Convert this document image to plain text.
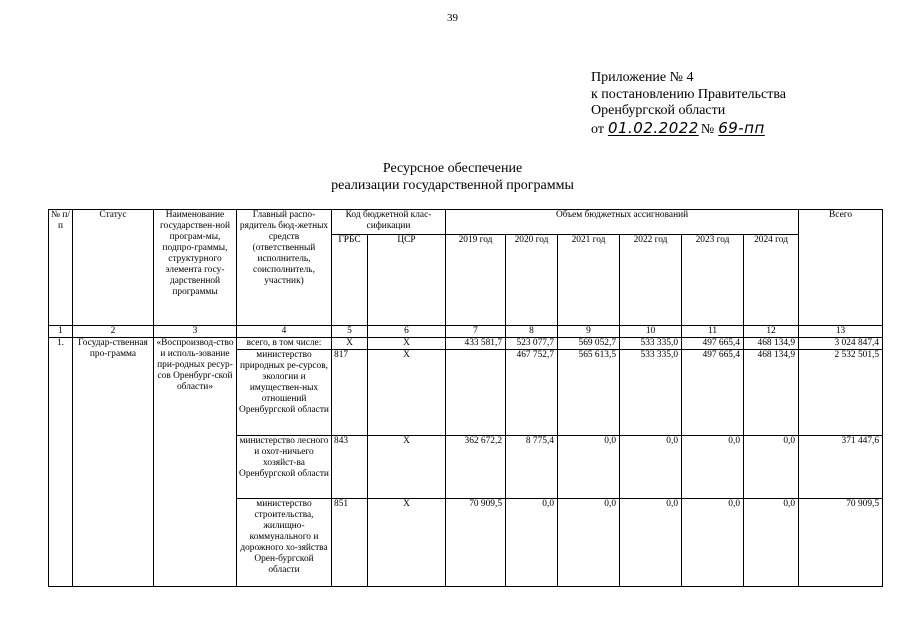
39
Приложение № 4
к постановлению Правительства
Оренбургской области
от 01.02.2022 № 69-пп
Ресурсное обеспечение
реализации государственной программы
№ п/п	Статус	Наименование государствен-ной програм-мы, подпро-граммы, структурного элемента госу-дарственной программы	Главный распо-рядитель бюд-жетных средств (ответственный исполнитель, соисполнитель, участник)	Код бюджетной клас-сификации		Объем бюджетных ассигнований						Всего
				ГРБС	ЦСР	2019 год	2020 год	2021 год	2022 год	2023 год	2024 год	
1	2	3	4	5	6	7	8	9	10	11	12	13
1.	Государ-ственная про-грамма	«Воспроизвод-ство и исполь-зование при-родных ресур-сов Оренбург-ской области»	всего, в том числе:	Х	Х	433 581,7	523 077,7	569 052,7	533 335,0	497 665,4	468 134,9	3 024 847,4
			министерство природных ре-сурсов, экологии и имуществен-ных отношений Оренбургской области	817	Х		467 752,7	565 613,5	533 335,0	497 665,4	468 134,9	2 532 501,5
			министерство лесного и охот-ничьего хозяйст-ва Оренбургской области	843	Х	362 672,2	8 775,4	0,0	0,0	0,0	0,0	371 447,6
			министерство строительства, жилищно-коммунального и дорожного хо-зяйства Орен-бургской области	851	Х	70 909,5	0,0	0,0	0,0	0,0	0,0	70 909,5
